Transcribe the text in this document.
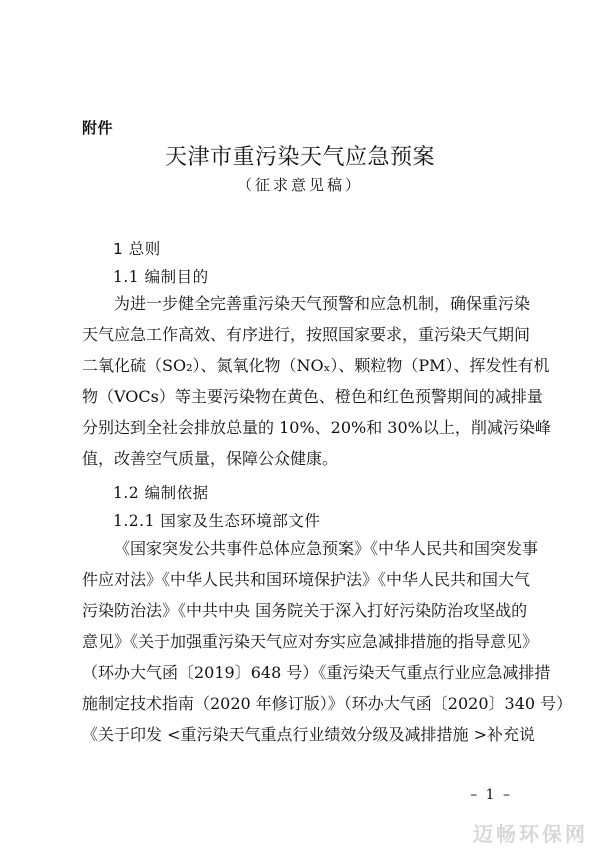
附件
天津市重污染天气应急预案
（征求意见稿）
1 总则
1.1 编制目的
为进一步健全完善重污染天气预警和应急机制，确保重污染
天气应急工作高效、有序进行，按照国家要求，重污染天气期间
二氧化硫（SO₂）、氮氧化物（NOₓ）、颗粒物（PM）、挥发性有机
物（VOCs）等主要污染物在黄色、橙色和红色预警期间的减排量
分别达到全社会排放总量的 10%、20%和 30%以上，削减污染峰
值，改善空气质量，保障公众健康。
1.2 编制依据
1.2.1 国家及生态环境部文件
《国家突发公共事件总体应急预案》《中华人民共和国突发事
件应对法》《中华人民共和国环境保护法》《中华人民共和国大气
污染防治法》《中共中央 国务院关于深入打好污染防治攻坚战的
意见》《关于加强重污染天气应对夯实应急减排措施的指导意见》
（环办大气函〔2019〕648 号）《重污染天气重点行业应急减排措
施制定技术指南（2020 年修订版）》（环办大气函〔2020〕340 号）
《关于印发 <重污染天气重点行业绩效分级及减排措施 >补充说
– 1 –
迈畅环保网
